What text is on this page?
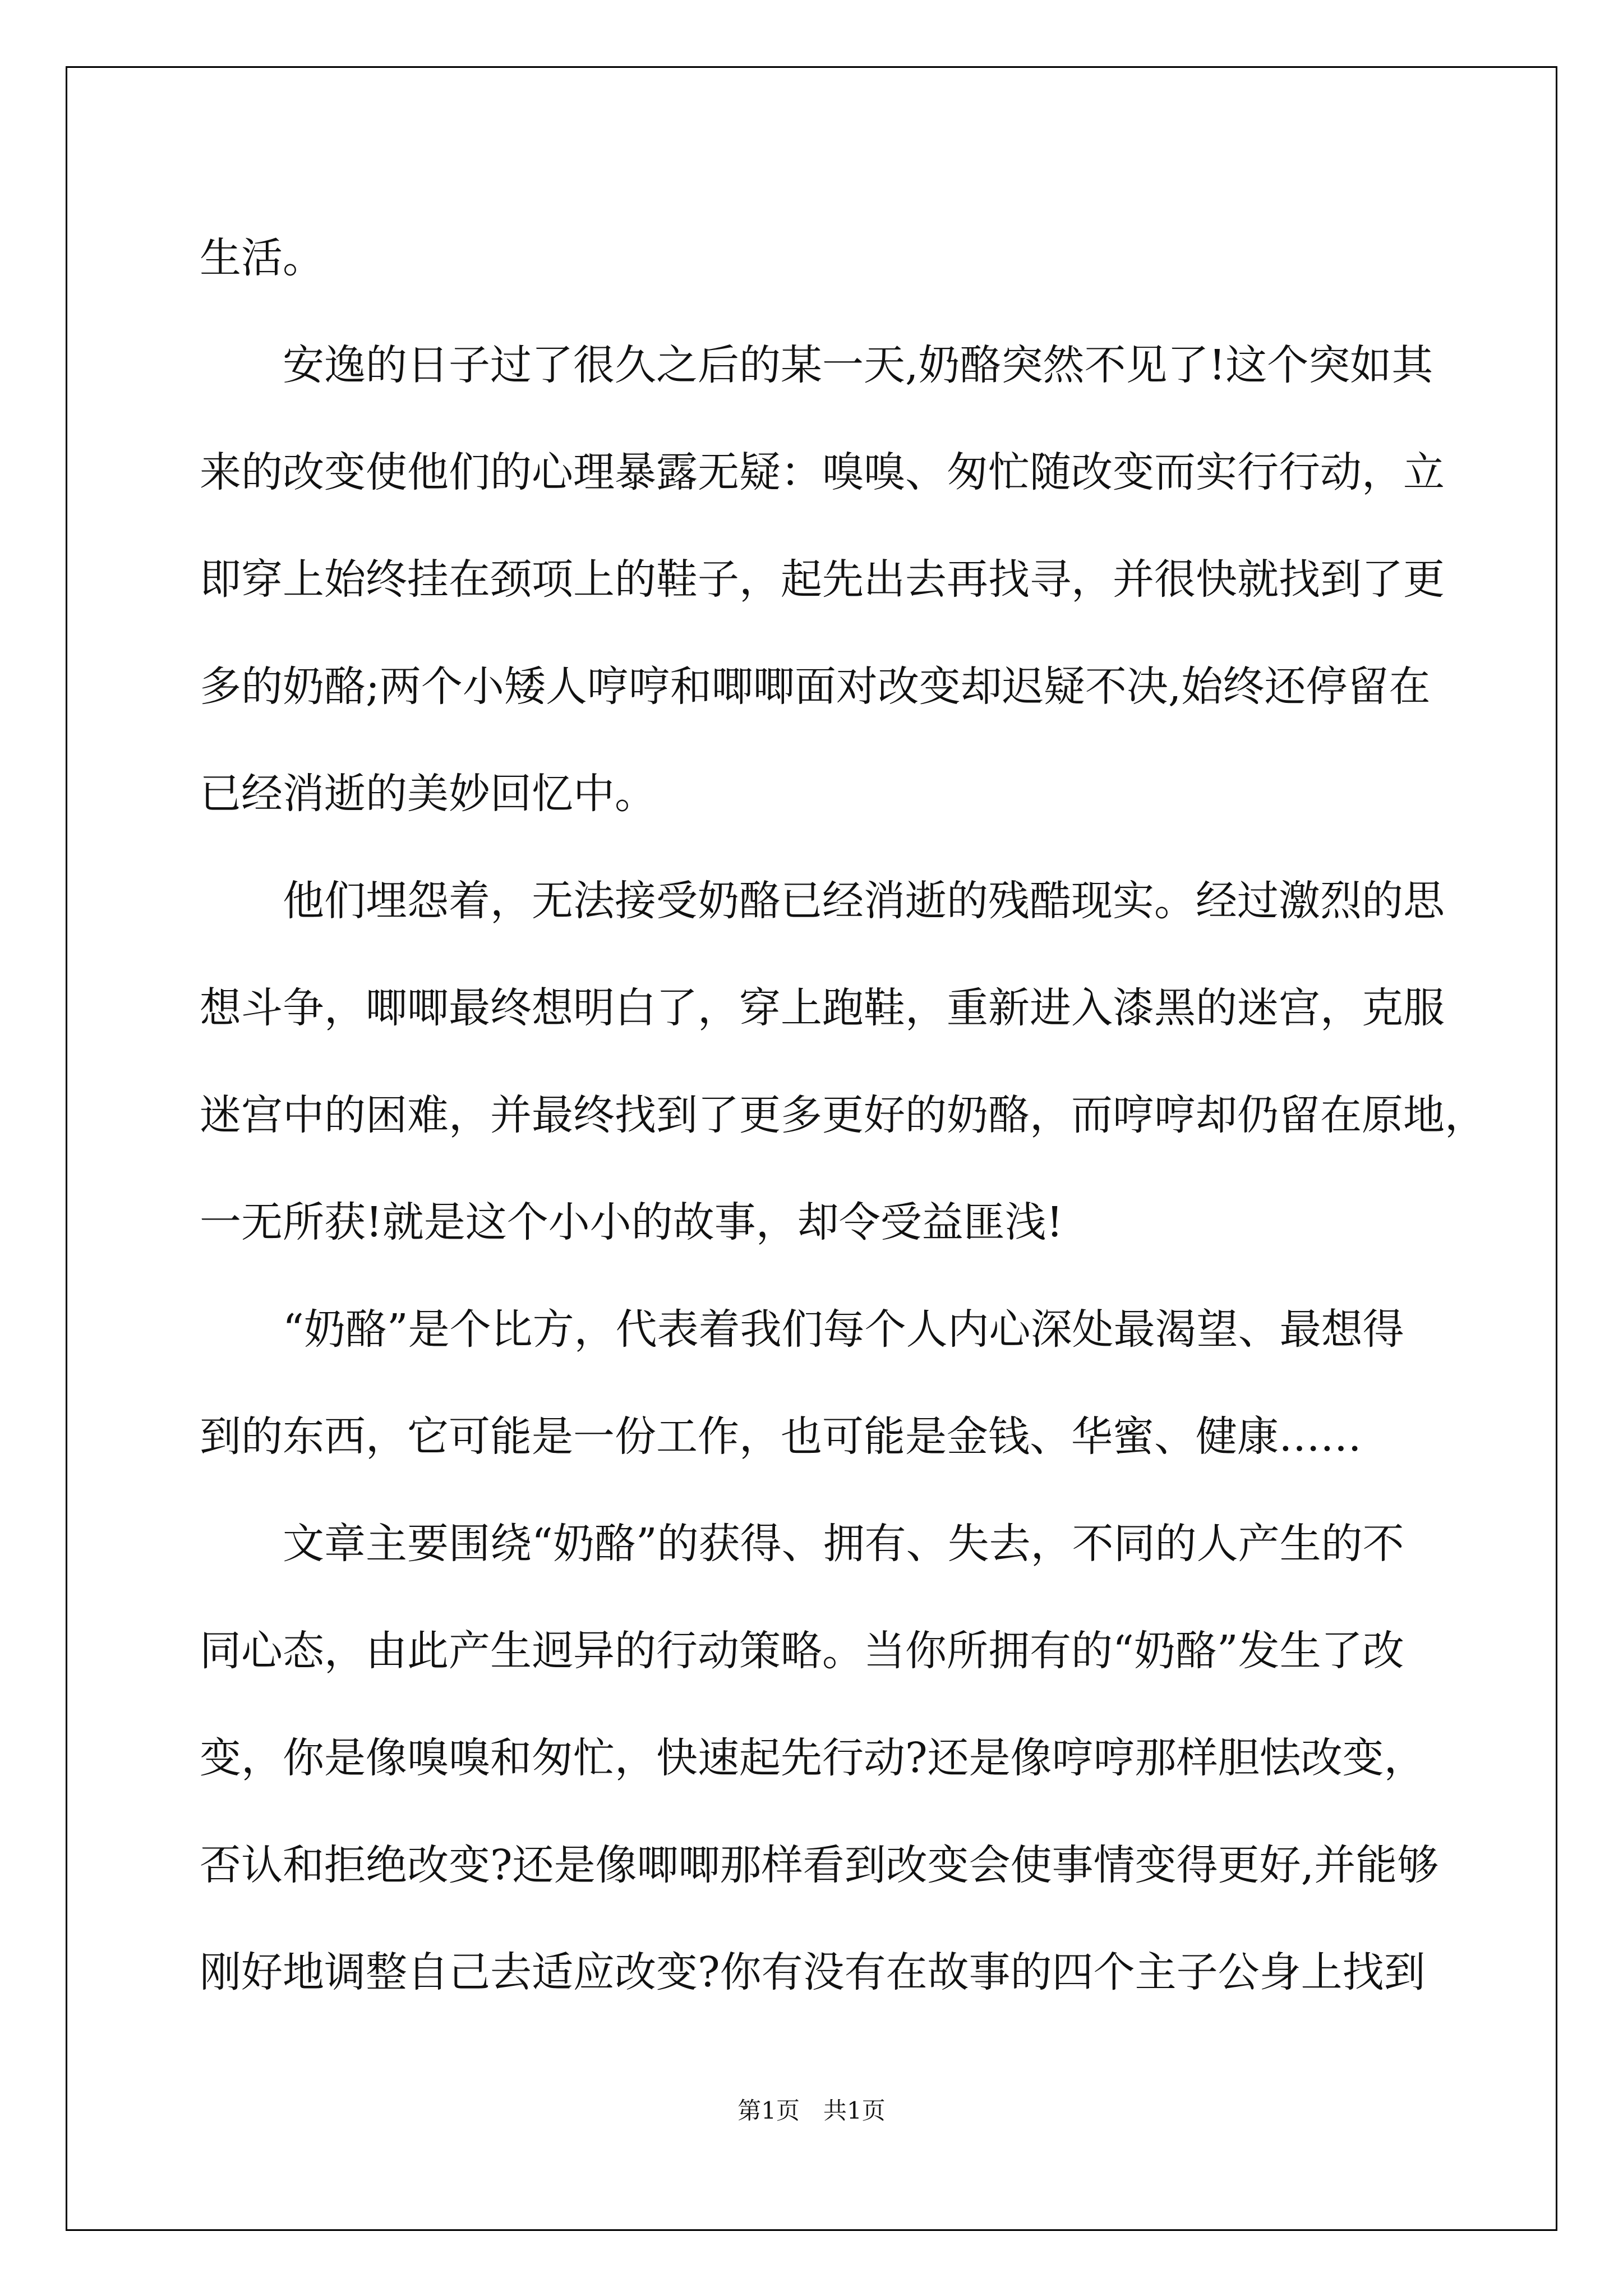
生活。
安逸的日子过了很久之后的某一天,奶酪突然不见了!这个突如其
来的改变使他们的心理暴露无疑：嗅嗅、匆忙随改变而实行行动，立
即穿上始终挂在颈项上的鞋子，起先出去再找寻，并很快就找到了更
多的奶酪;两个小矮人哼哼和唧唧面对改变却迟疑不决,始终还停留在
已经消逝的美妙回忆中。
他们埋怨着，无法接受奶酪已经消逝的残酷现实。经过激烈的思
想斗争，唧唧最终想明白了，穿上跑鞋，重新进入漆黑的迷宫，克服
迷宫中的困难，并最终找到了更多更好的奶酪，而哼哼却仍留在原地，
一无所获!就是这个小小的故事，却令受益匪浅!
“奶酪”是个比方，代表着我们每个人内心深处最渴望、最想得
到的东西，它可能是一份工作，也可能是金钱、华蜜、健康……
文章主要围绕“奶酪”的获得、拥有、失去，不同的人产生的不
同心态，由此产生迥异的行动策略。当你所拥有的“奶酪”发生了改
变，你是像嗅嗅和匆忙，快速起先行动?还是像哼哼那样胆怯改变，
否认和拒绝改变?还是像唧唧那样看到改变会使事情变得更好,并能够
刚好地调整自己去适应改变?你有没有在故事的四个主子公身上找到
第1页　共1页
